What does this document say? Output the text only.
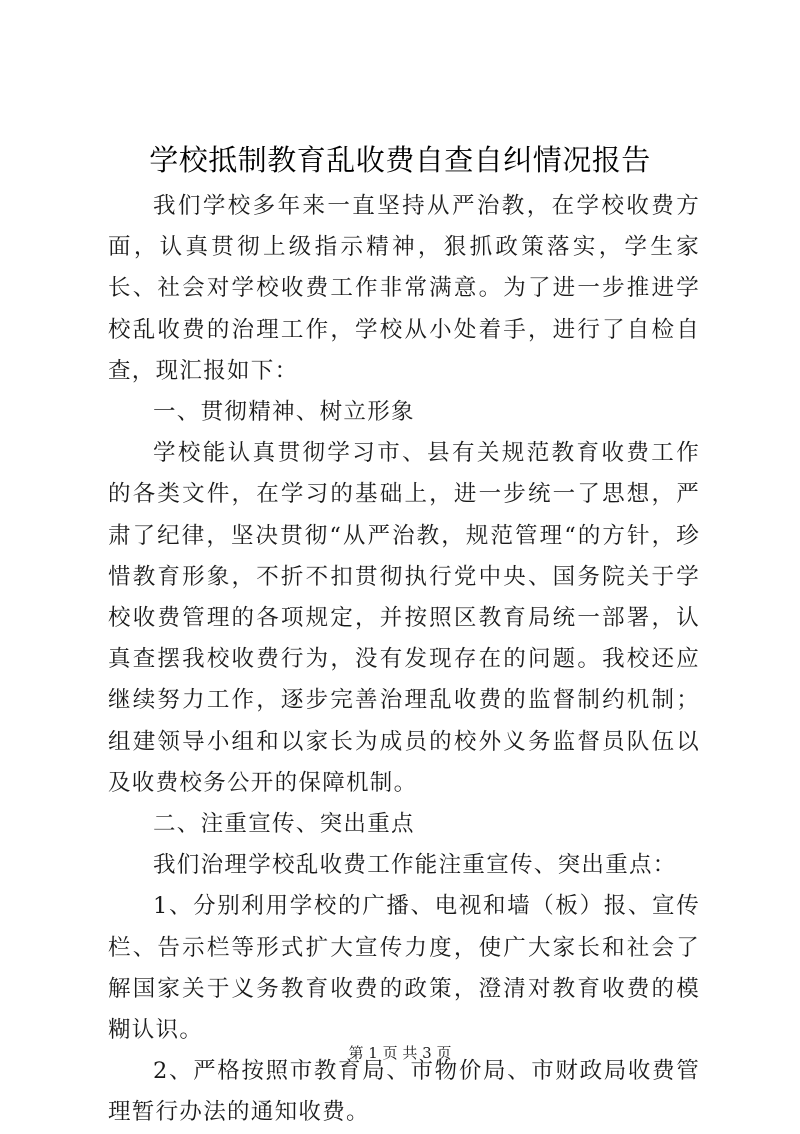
学校抵制教育乱收费自查自纠情况报告

我们学校多年来一直坚持从严治教，在学校收费方面，认真贯彻上级指示精神，狠抓政策落实，学生家长、社会对学校收费工作非常满意。为了进一步推进学校乱收费的治理工作，学校从小处着手，进行了自检自查，现汇报如下：

一、贯彻精神、树立形象

学校能认真贯彻学习市、县有关规范教育收费工作的各类文件，在学习的基础上，进一步统一了思想，严肃了纪律，坚决贯彻“从严治教，规范管理“的方针，珍惜教育形象，不折不扣贯彻执行党中央、国务院关于学校收费管理的各项规定，并按照区教育局统一部署，认真查摆我校收费行为，没有发现存在的问题。我校还应继续努力工作，逐步完善治理乱收费的监督制约机制；组建领导小组和以家长为成员的校外义务监督员队伍以及收费校务公开的保障机制。

二、注重宣传、突出重点

我们治理学校乱收费工作能注重宣传、突出重点：

1、分别利用学校的广播、电视和墙（板）报、宣传栏、告示栏等形式扩大宣传力度，使广大家长和社会了解国家关于义务教育收费的政策，澄清对教育收费的模糊认识。

2、严格按照市教育局、市物价局、市财政局收费管理暂行办法的通知收费。

第 1 页 共 3 页
